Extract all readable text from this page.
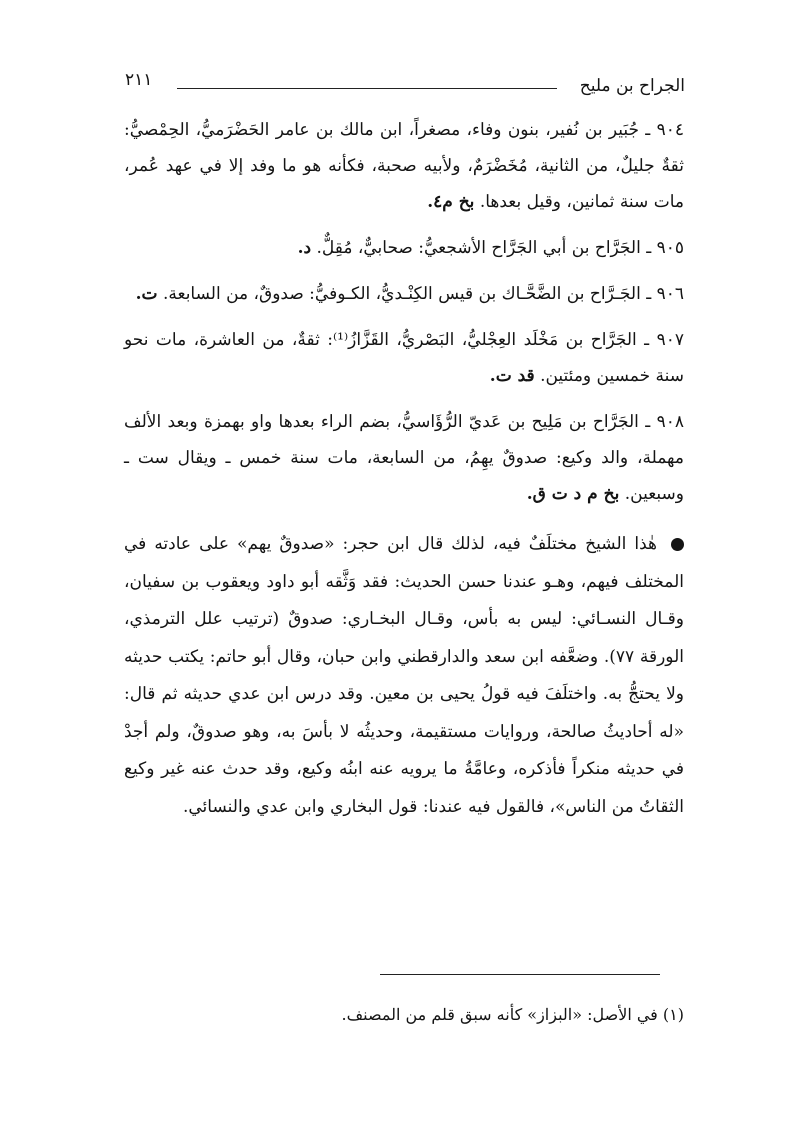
الجراح بن مليح
٢١١

٩٠٤ ـ جُبَير بن نُفير، بنون وفاء، مصغراً، ابن مالك بن عامر الحَضْرَميُّ، الحِمْصيُّ: ثقةٌ جليلٌ، من الثانية، مُخَضْرَمٌ، ولأبيه صحبة، فكأنه هو ما وفد إلا في عهد عُمر، مات سنة ثمانين، وقيل بعدها. بخ م٤.

٩٠٥ ـ الجَرَّاح بن أبي الجَرَّاح الأشجعيُّ: صحابيٌّ، مُقِلٌّ. د.

٩٠٦ ـ الجَـرَّاح بن الضَّحَّـاك بن قيس الكِنْـديُّ، الكـوفيُّ: صدوقٌ، من السابعة. ت.

٩٠٧ ـ الجَرَّاح بن مَخْلَد العِجْليُّ، البَصْريُّ، القَزَّازُ⁽¹⁾: ثقةٌ، من العاشرة، مات نحو سنة خمسين ومئتين. قد ت.

٩٠٨ ـ الجَرَّاح بن مَلِيح بن عَديّ الرُّؤَاسيُّ، بضم الراء بعدها واو بهمزة وبعد الألف مهملة، والد وكيع: صدوقٌ يهِمُ، من السابعة، مات سنة خمس ـ ويقال ست ـ وسبعين. بخ م د ت ق.

هٰذا الشيخ مختلَفٌ فيه، لذلك قال ابن حجر: «صدوقٌ يهم» على عادته في المختلف فيهم، وهـو عندنا حسن الحديث: فقد وَثَّقه أبو داود ويعقوب بن سفيان، وقـال النسـائي: ليس به بأس، وقـال البخـاري: صدوقٌ (ترتيب علل الترمذي، الورقة ٧٧). وضعَّفه ابن سعد والدارقطني وابن حبان، وقال أبو حاتم: يكتب حديثه ولا يحتجُّ به. واختلَفَ فيه قولُ يحيى بن معين. وقد درس ابن عدي حديثه ثم قال: «له أحاديثُ صالحة، وروايات مستقيمة، وحديثُه لا بأسَ به، وهو صدوقٌ، ولم أجدْ في حديثه منكراً فأذكره، وعامَّةُ ما يرويه عنه ابنُه وكيع، وقد حدث عنه غير وكيع الثقاتُ من الناس»، فالقول فيه عندنا: قول البخاري وابن عدي والنسائي.

(١) في الأصل: «البزاز» كأنه سبق قلم من المصنف.
